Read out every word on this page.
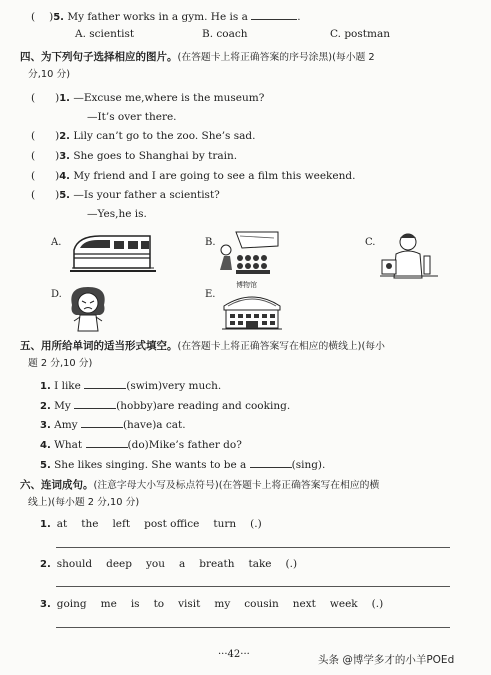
( )5. My father works in a gym. He is a	.
A. scientist	B. coach	C. postman
四、为下列句子选择相应的图片。(在答题卡上将正确答案的序号涂黑)(每小题 2
分,10 分)
( )1. —Excuse me,where is the museum?
—It’s over there.
( )2. Lily can’t go to the zoo. She’s sad.
( )3. She goes to Shanghai by train.
( )4. My friend and I are going to see a film this weekend.
( )5. —Is your father a scientist?
—Yes,he is.
A.	B.	C.
D.	E.
博物馆
五、用所给单词的适当形式填空。(在答题卡上将正确答案写在相应的横线上)(每小
题 2 分,10 分)
1. I like	(swim)very much.
2. My	(hobby)are reading and cooking.
3. Amy	(have)a cat.
4. What	(do)Mike’s father do?
5. She likes singing. She wants to be a	(sing).
六、连词成句。(注意字母大小写及标点符号)(在答题卡上将正确答案写在相应的横
线上)(每小题 2 分,10 分)
1. at the left post office turn (.)
2. should deep you a breath take (.)
3. going me is to visit my cousin next week (.)
···42···	头条 @博学多才的小羊POEd
